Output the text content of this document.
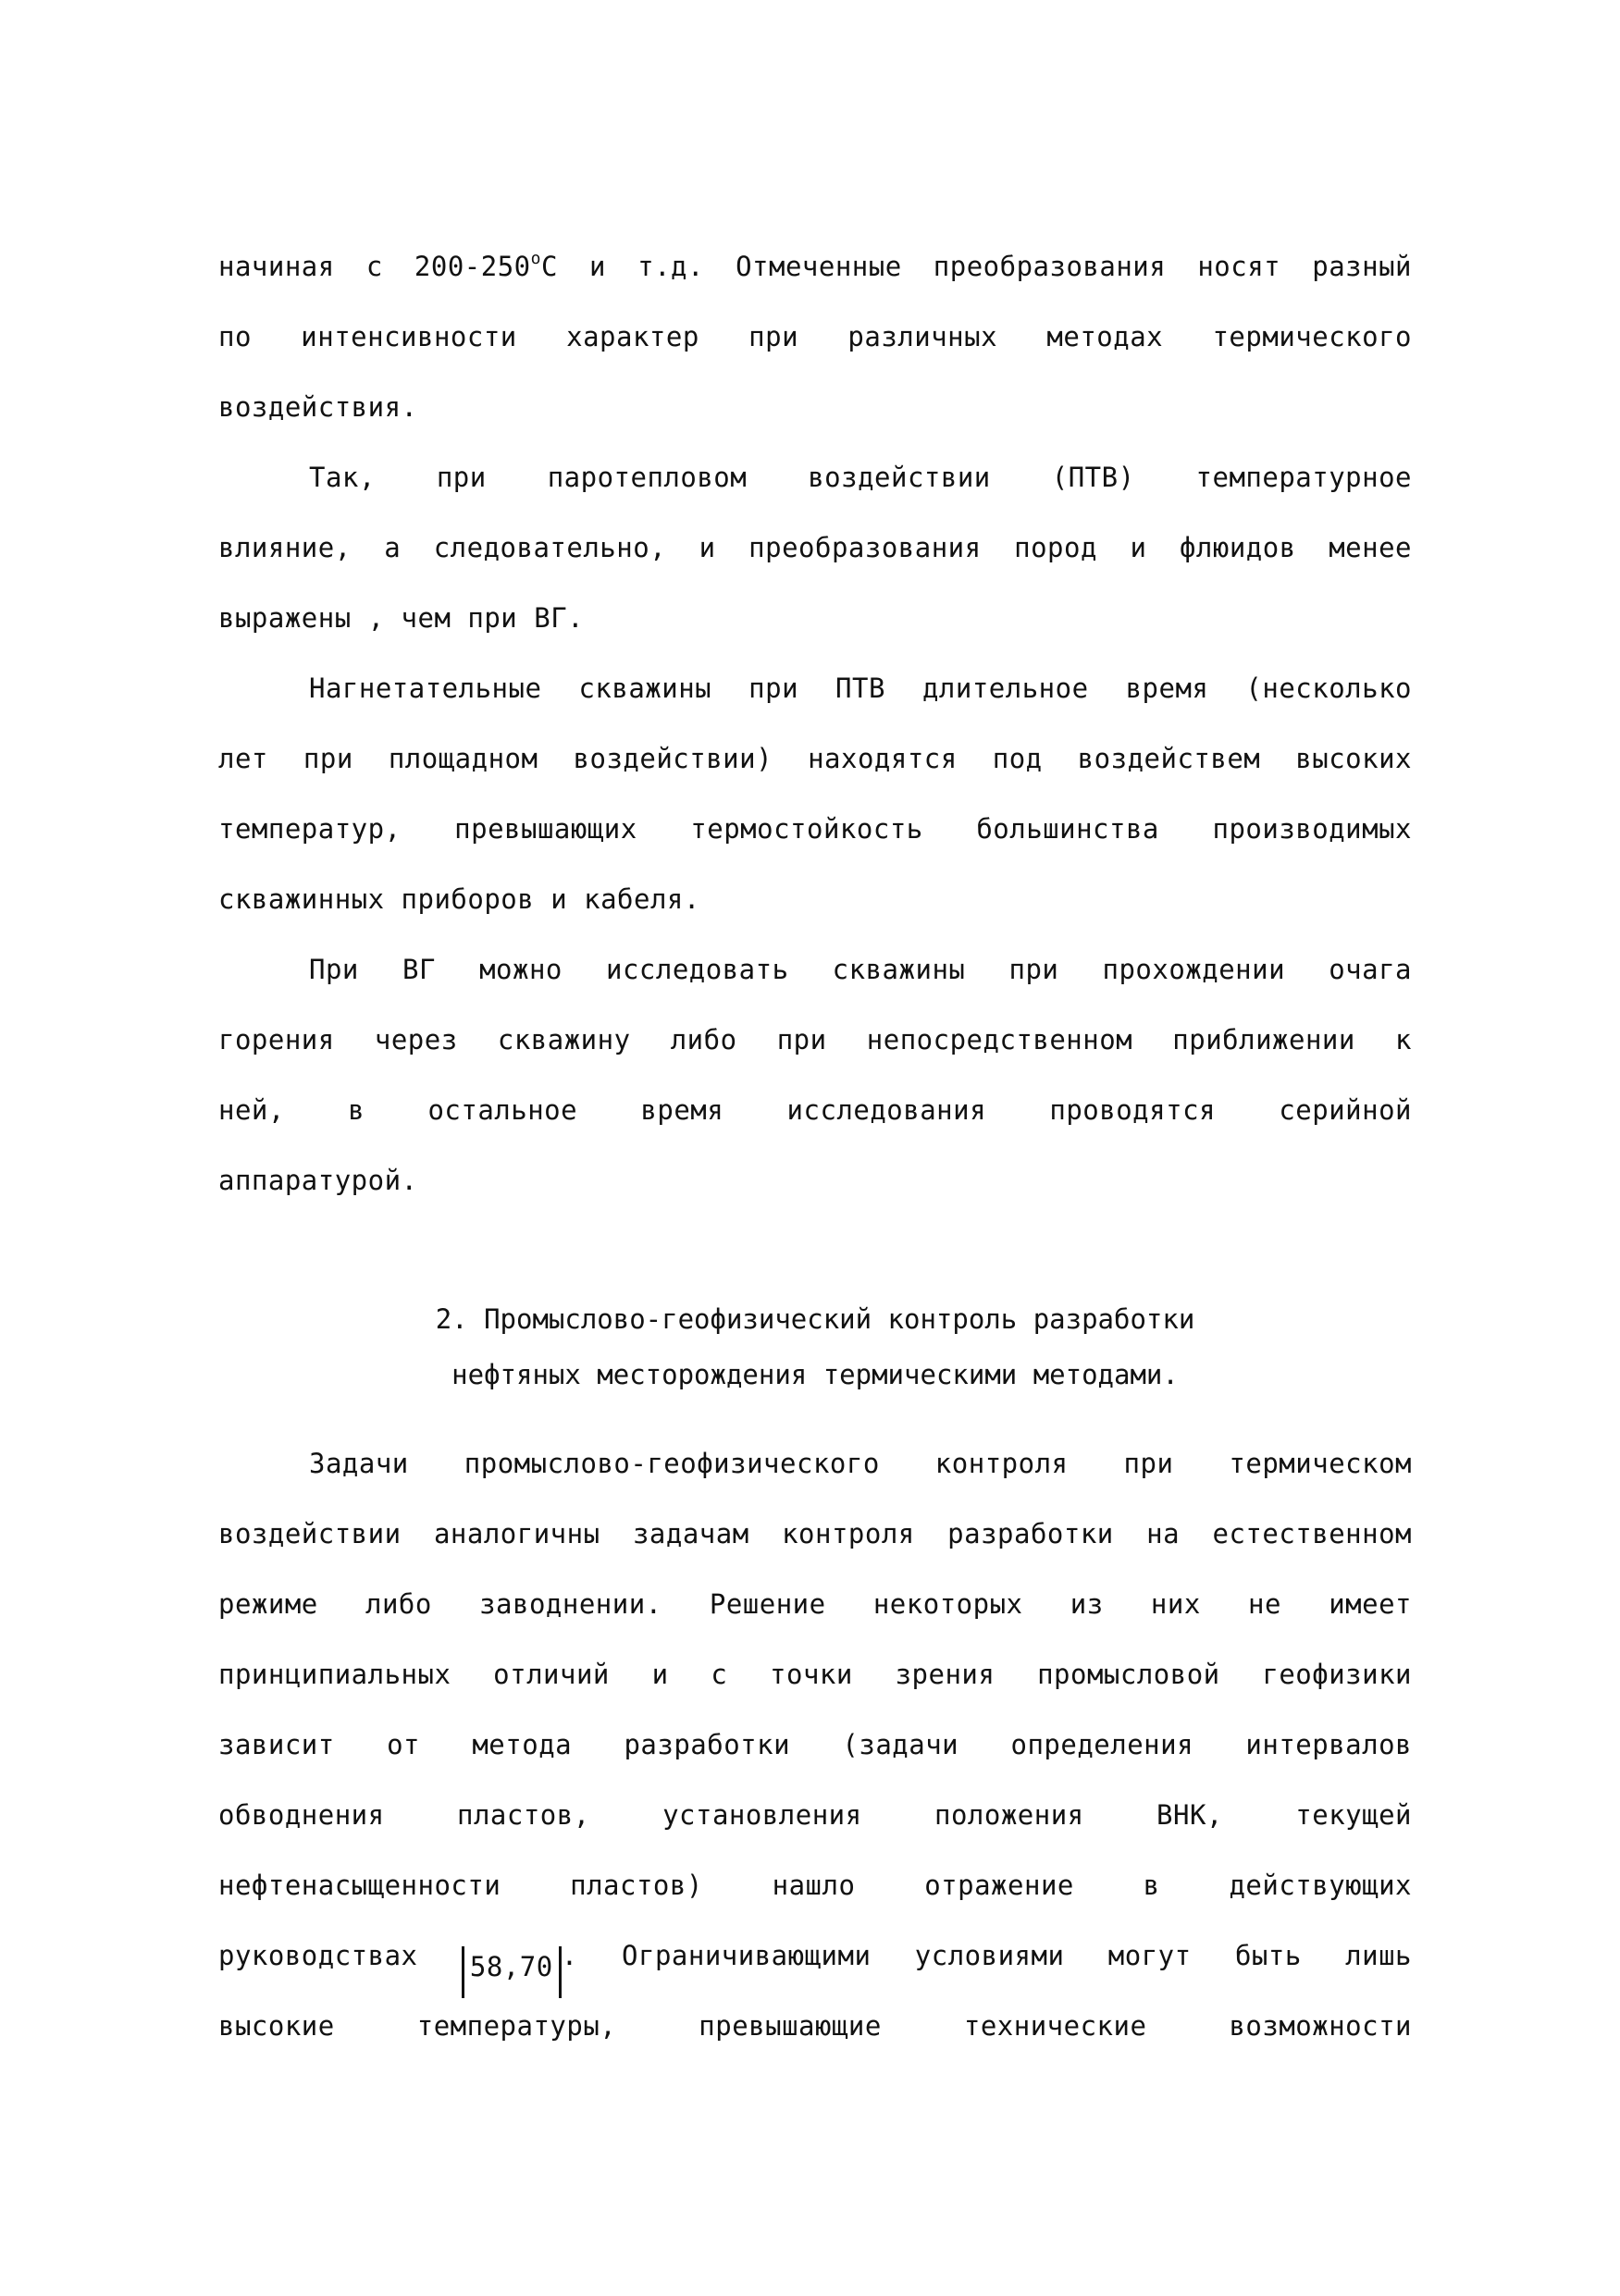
начиная с $200-250^оС$ и т.д. Отмеченные преобразования носят разный
по интенсивности характер при различных методах термического
воздействия.
Так, при паротепловом воздействии (ПТВ) температурное
влияние, а следовательно, и преобразования пород и флюидов менее
выражены , чем при ВГ.
Нагнетательные скважины при ПТВ длительное время (несколько
лет при площадном воздействии) находятся под воздействем высоких
температур, превышающих термостойкость большинства производимых
скважинных приборов и кабеля.
При ВГ можно исследовать скважины при прохождении очага
горения через скважину либо при непосредственном приближении к
ней, в остальное время исследования проводятся серийной
аппаратурой.
2. Промыслово-геофизический контроль разработки
нефтяных месторождения термическими методами.
Задачи промыслово-геофизического контроля при термическом
воздействии аналогичны задачам контроля разработки на естественном
режиме либо заводнении. Решение некоторых из них не имеет
принципиальных отличий и с точки зрения промысловой геофизики
зависит от метода разработки (задачи определения интервалов
обводнения пластов, установления положения ВНК, текущей
нефтенасыщенности пластов) нашло отражение в действующих
руководствах 58,70 . Ограничивающими условиями могут быть лишь
высокие температуры, превышающие технические возможности
